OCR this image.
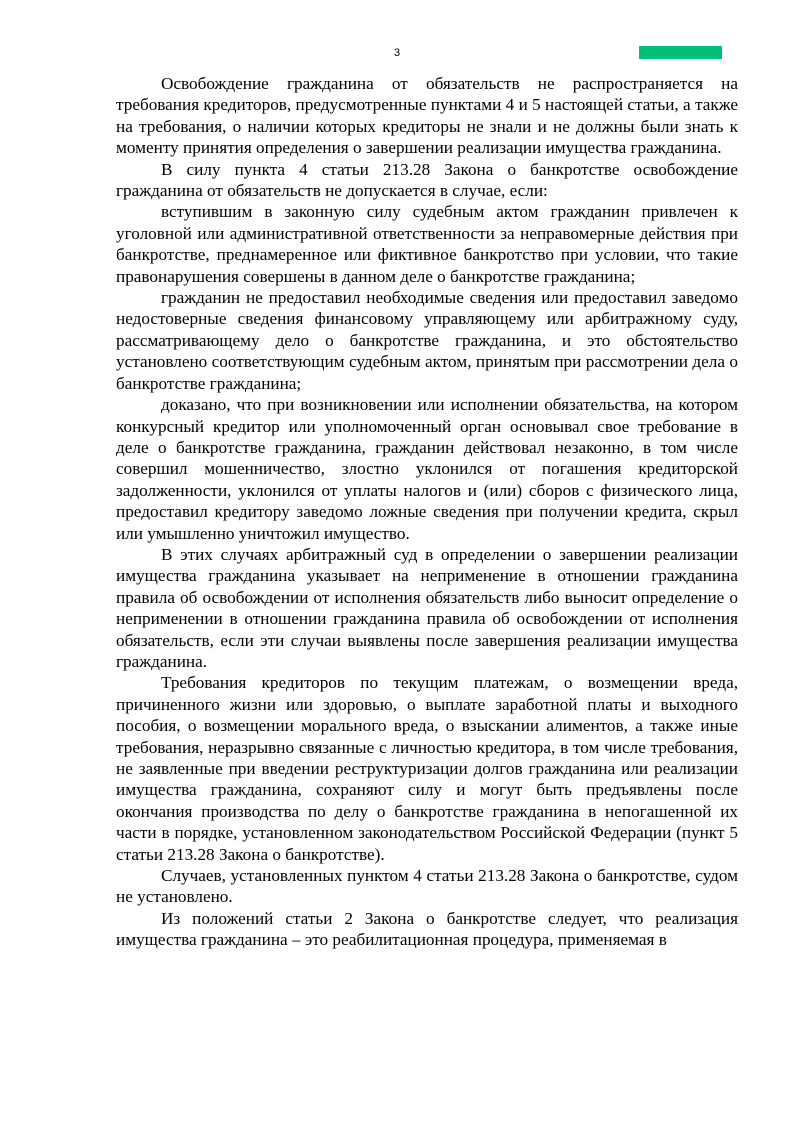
3

Освобождение гражданина от обязательств не распространяется на требования кредиторов, предусмотренные пунктами 4 и 5 настоящей статьи, а также на требования, о наличии которых кредиторы не знали и не должны были знать к моменту принятия определения о завершении реализации имущества гражданина.

В силу пункта 4 статьи 213.28 Закона о банкротстве освобождение гражданина от обязательств не допускается в случае, если:

вступившим в законную силу судебным актом гражданин привлечен к уголовной или административной ответственности за неправомерные действия при банкротстве, преднамеренное или фиктивное банкротство при условии, что такие правонарушения совершены в данном деле о банкротстве гражданина;

гражданин не предоставил необходимые сведения или предоставил заведомо недостоверные сведения финансовому управляющему или арбитражному суду, рассматривающему дело о банкротстве гражданина, и это обстоятельство установлено соответствующим судебным актом, принятым при рассмотрении дела о банкротстве гражданина;

доказано, что при возникновении или исполнении обязательства, на котором конкурсный кредитор или уполномоченный орган основывал свое требование в деле о банкротстве гражданина, гражданин действовал незаконно, в том числе совершил мошенничество, злостно уклонился от погашения кредиторской задолженности, уклонился от уплаты налогов и (или) сборов с физического лица, предоставил кредитору заведомо ложные сведения при получении кредита, скрыл или умышленно уничтожил имущество.

В этих случаях арбитражный суд в определении о завершении реализации имущества гражданина указывает на неприменение в отношении гражданина правила об освобождении от исполнения обязательств либо выносит определение о неприменении в отношении гражданина правила об освобождении от исполнения обязательств, если эти случаи выявлены после завершения реализации имущества гражданина.

Требования кредиторов по текущим платежам, о возмещении вреда, причиненного жизни или здоровью, о выплате заработной платы и выходного пособия, о возмещении морального вреда, о взыскании алиментов, а также иные требования, неразрывно связанные с личностью кредитора, в том числе требования, не заявленные при введении реструктуризации долгов гражданина или реализации имущества гражданина, сохраняют силу и могут быть предъявлены после окончания производства по делу о банкротстве гражданина в непогашенной их части в порядке, установленном законодательством Российской Федерации (пункт 5 статьи 213.28 Закона о банкротстве).

Случаев, установленных пунктом 4 статьи 213.28 Закона о банкротстве, судом не установлено.

Из положений статьи 2 Закона о банкротстве следует, что реализация имущества гражданина – это реабилитационная процедура, применяемая в
